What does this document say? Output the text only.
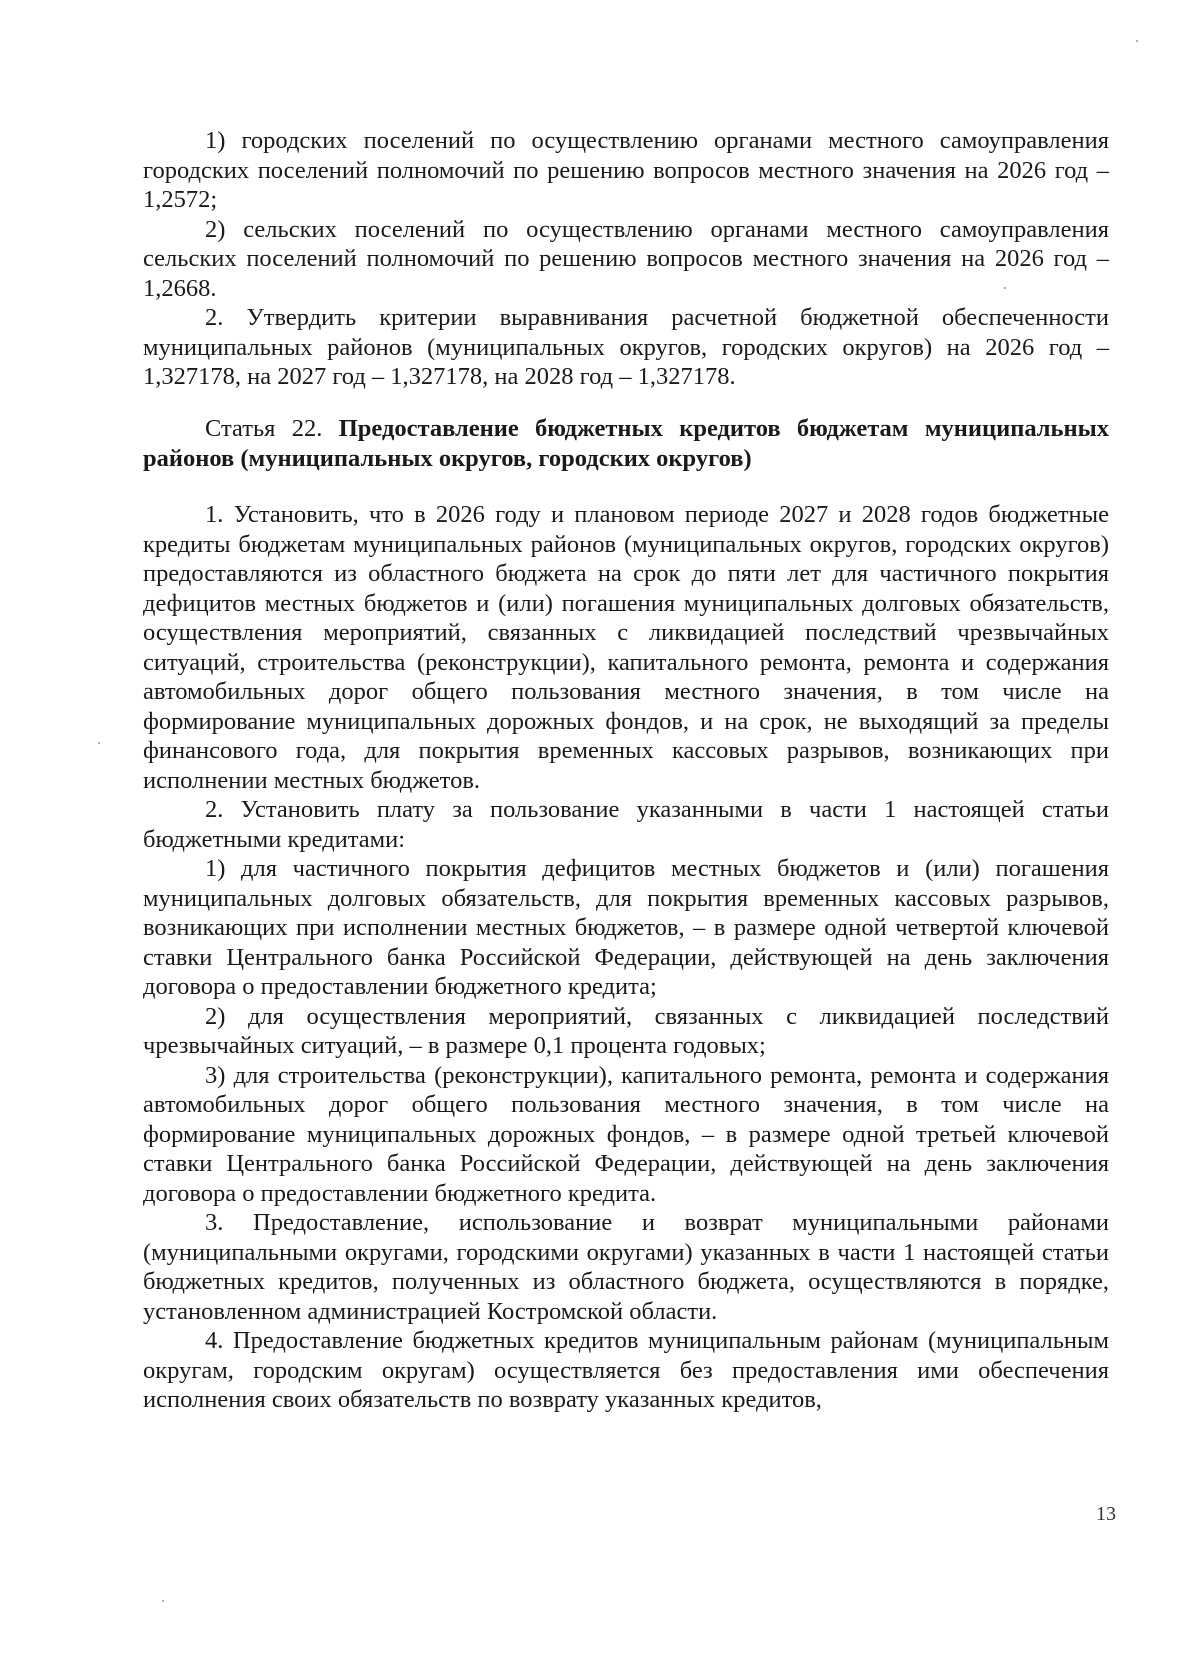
1) городских поселений по осуществлению органами местного самоуправления городских поселений полномочий по решению вопросов местного значения на 2026 год – 1,2572;

2) сельских поселений по осуществлению органами местного самоуправления сельских поселений полномочий по решению вопросов местного значения на 2026 год – 1,2668.

2. Утвердить критерии выравнивания расчетной бюджетной обеспеченности муниципальных районов (муниципальных округов, городских округов) на 2026 год – 1,327178, на 2027 год – 1,327178, на 2028 год – 1,327178.

Статья 22. Предоставление бюджетных кредитов бюджетам муниципальных районов (муниципальных округов, городских округов)

1. Установить, что в 2026 году и плановом периоде 2027 и 2028 годов бюджетные кредиты бюджетам муниципальных районов (муниципальных округов, городских округов) предоставляются из областного бюджета на срок до пяти лет для частичного покрытия дефицитов местных бюджетов и (или) погашения муниципальных долговых обязательств, осуществления мероприятий, связанных с ликвидацией последствий чрезвычайных ситуаций, строительства (реконструкции), капитального ремонта, ремонта и содержания автомобильных дорог общего пользования местного значения, в том числе на формирование муниципальных дорожных фондов, и на срок, не выходящий за пределы финансового года, для покрытия временных кассовых разрывов, возникающих при исполнении местных бюджетов.

2. Установить плату за пользование указанными в части 1 настоящей статьи бюджетными кредитами:

1) для частичного покрытия дефицитов местных бюджетов и (или) погашения муниципальных долговых обязательств, для покрытия временных кассовых разрывов, возникающих при исполнении местных бюджетов, – в размере одной четвертой ключевой ставки Центрального банка Российской Федерации, действующей на день заключения договора о предоставлении бюджетного кредита;

2) для осуществления мероприятий, связанных с ликвидацией последствий чрезвычайных ситуаций, – в размере 0,1 процента годовых;

3) для строительства (реконструкции), капитального ремонта, ремонта и содержания автомобильных дорог общего пользования местного значения, в том числе на формирование муниципальных дорожных фондов, – в размере одной третьей ключевой ставки Центрального банка Российской Федерации, действующей на день заключения договора о предоставлении бюджетного кредита.

3. Предоставление, использование и возврат муниципальными районами (муниципальными округами, городскими округами) указанных в части 1 настоящей статьи бюджетных кредитов, полученных из областного бюджета, осуществляются в порядке, установленном администрацией Костромской области.

4. Предоставление бюджетных кредитов муниципальным районам (муниципальным округам, городским округам) осуществляется без предоставления ими обеспечения исполнения своих обязательств по возврату указанных кредитов,

13
